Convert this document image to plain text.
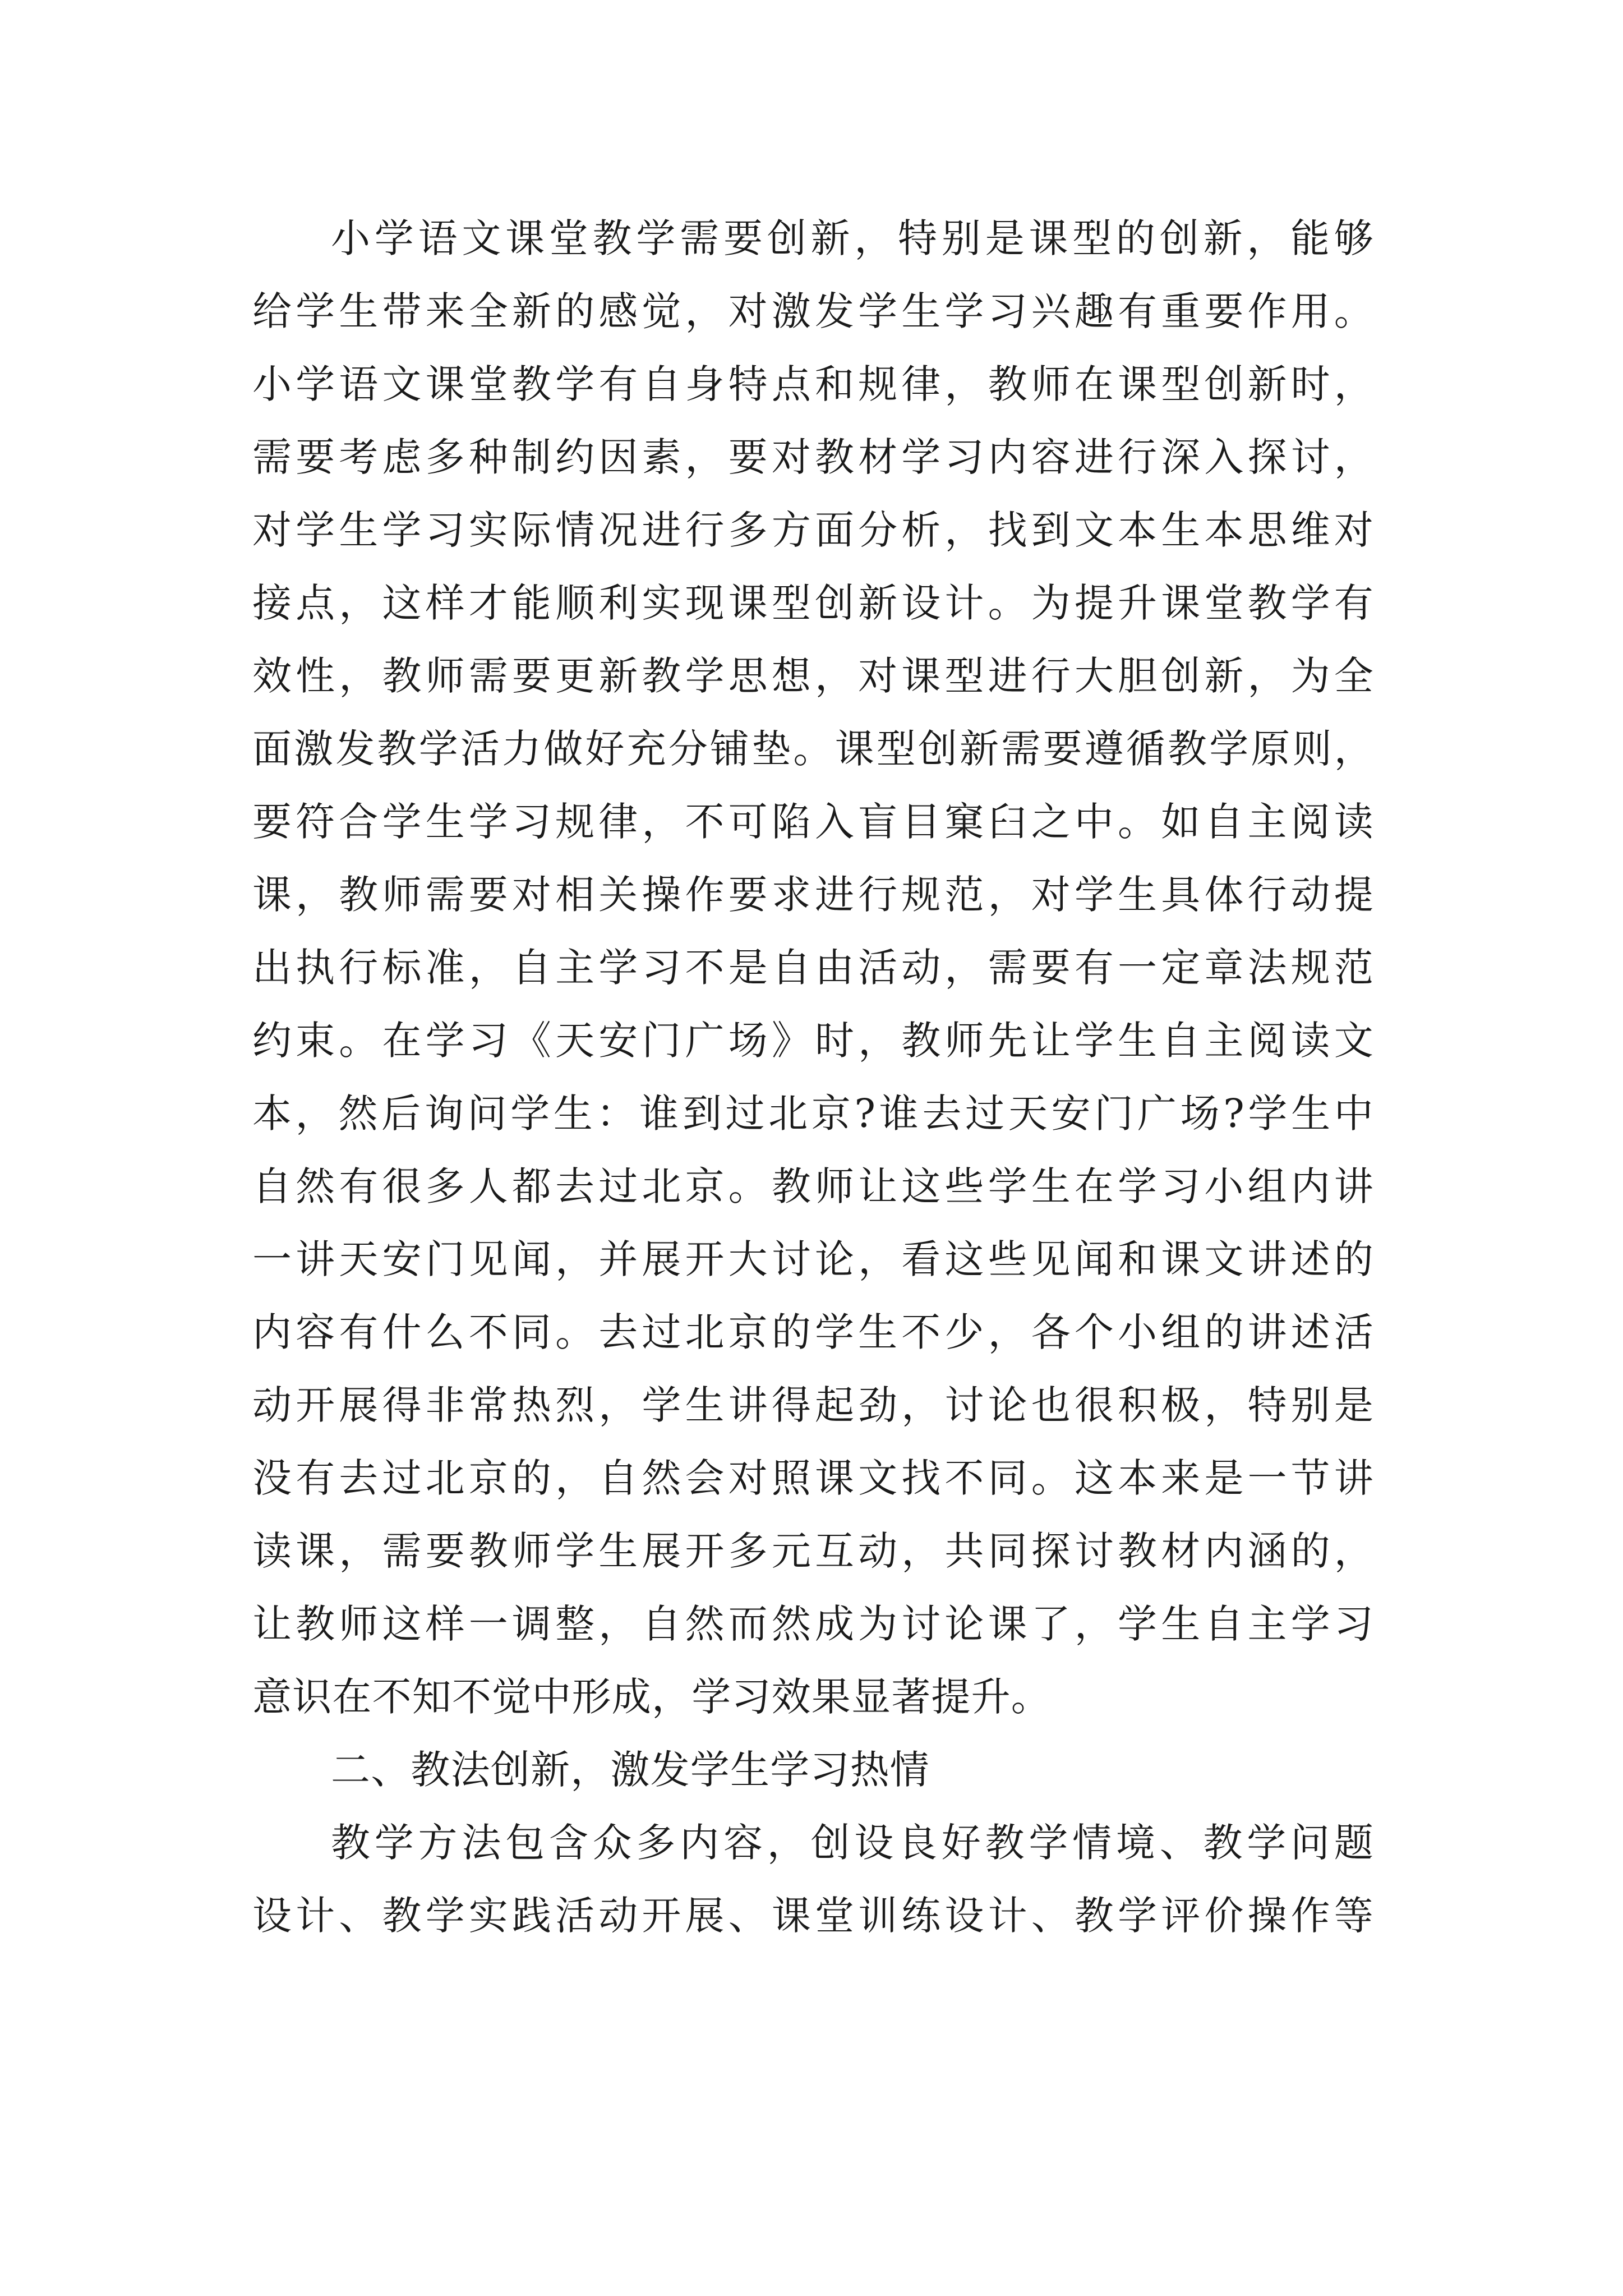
小学语文课堂教学需要创新，特别是课型的创新，能够
给学生带来全新的感觉，对激发学生学习兴趣有重要作用。
小学语文课堂教学有自身特点和规律，教师在课型创新时，
需要考虑多种制约因素，要对教材学习内容进行深入探讨，
对学生学习实际情况进行多方面分析，找到文本生本思维对
接点，这样才能顺利实现课型创新设计。为提升课堂教学有
效性，教师需要更新教学思想，对课型进行大胆创新，为全
面激发教学活力做好充分铺垫。课型创新需要遵循教学原则，
要符合学生学习规律，不可陷入盲目窠臼之中。如自主阅读
课，教师需要对相关操作要求进行规范，对学生具体行动提
出执行标准，自主学习不是自由活动，需要有一定章法规范
约束。在学习《天安门广场》时，教师先让学生自主阅读文
本，然后询问学生：谁到过北京?谁去过天安门广场?学生中
自然有很多人都去过北京。教师让这些学生在学习小组内讲
一讲天安门见闻，并展开大讨论，看这些见闻和课文讲述的
内容有什么不同。去过北京的学生不少，各个小组的讲述活
动开展得非常热烈，学生讲得起劲，讨论也很积极，特别是
没有去过北京的，自然会对照课文找不同。这本来是一节讲
读课，需要教师学生展开多元互动，共同探讨教材内涵的，
让教师这样一调整，自然而然成为讨论课了，学生自主学习
意识在不知不觉中形成，学习效果显著提升。
二、教法创新，激发学生学习热情
教学方法包含众多内容，创设良好教学情境、教学问题
设计、教学实践活动开展、课堂训练设计、教学评价操作等
